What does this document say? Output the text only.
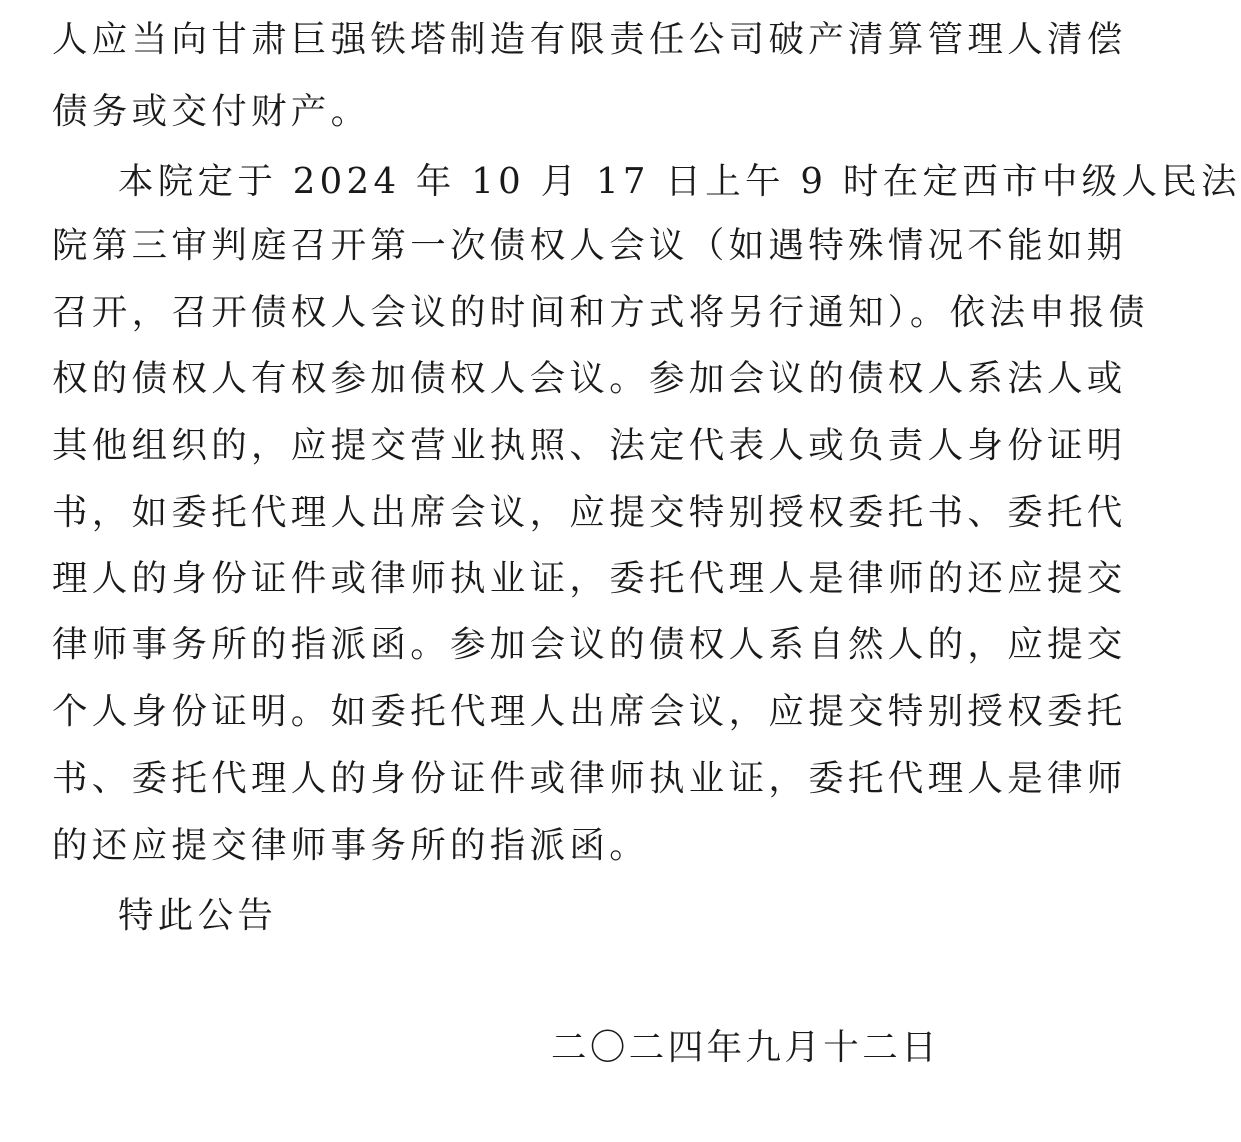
人应当向甘肃巨强铁塔制造有限责任公司破产清算管理人清偿
债务或交付财产。
本院定于 2024 年 10 月 17 日上午 9 时在定西市中级人民法
院第三审判庭召开第一次债权人会议（如遇特殊情况不能如期
召开，召开债权人会议的时间和方式将另行通知）。依法申报债
权的债权人有权参加债权人会议。参加会议的债权人系法人或
其他组织的，应提交营业执照、法定代表人或负责人身份证明
书，如委托代理人出席会议，应提交特别授权委托书、委托代
理人的身份证件或律师执业证，委托代理人是律师的还应提交
律师事务所的指派函。参加会议的债权人系自然人的，应提交
个人身份证明。如委托代理人出席会议，应提交特别授权委托
书、委托代理人的身份证件或律师执业证，委托代理人是律师
的还应提交律师事务所的指派函。
特此公告
二〇二四年九月十二日
